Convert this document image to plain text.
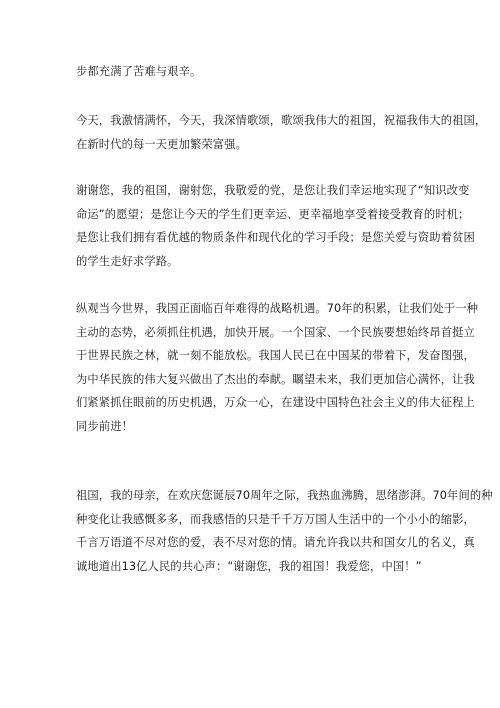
步都充满了苦难与艰辛。
今天，我激情满怀，今天，我深情歌颂，歌颂我伟大的祖国，祝福我伟大的祖国，
在新时代的每一天更加繁荣富强。
谢谢您，我的祖国，谢射您，我敬爱的党，是您让我们幸运地实现了“知识改变
命运”的愿望；是您让今天的学生们更幸运、更幸福地享受着接受教育的时机；
是您让我们拥有看优越的物质条件和现代化的学习手段；是您关爱与资助着贫困
的学生走好求学路。
纵观当今世界，我国正面临百年难得的战略机遇。70年的积累，让我们处于一种
主动的态势，必须抓住机遇，加快开展。一个国家、一个民族要想始终昂首挺立
于世界民族之林，就一刻不能放松。我国人民已在中国某的带着下，发奋图强，
为中华民族的伟大复兴做出了杰出的奉献。瞩望未来，我们更加信心满怀，让我
们紧紧抓住眼前的历史机遇，万众一心，在建设中国特色社会主义的伟大征程上
同步前进！
祖国，我的母亲，在欢庆您诞辰70周年之际，我热血沸腾，思绪澎湃。70年间的种
种变化让我感慨多多，而我感悟的只是千千万万国人生活中的一个小小的缩影，
千言万语道不尽对您的爱，表不尽对您的情。请允许我以共和国女儿的名义，真
诚地道出13亿人民的共心声：“谢谢您，我的祖国！我爱您，中国！”
